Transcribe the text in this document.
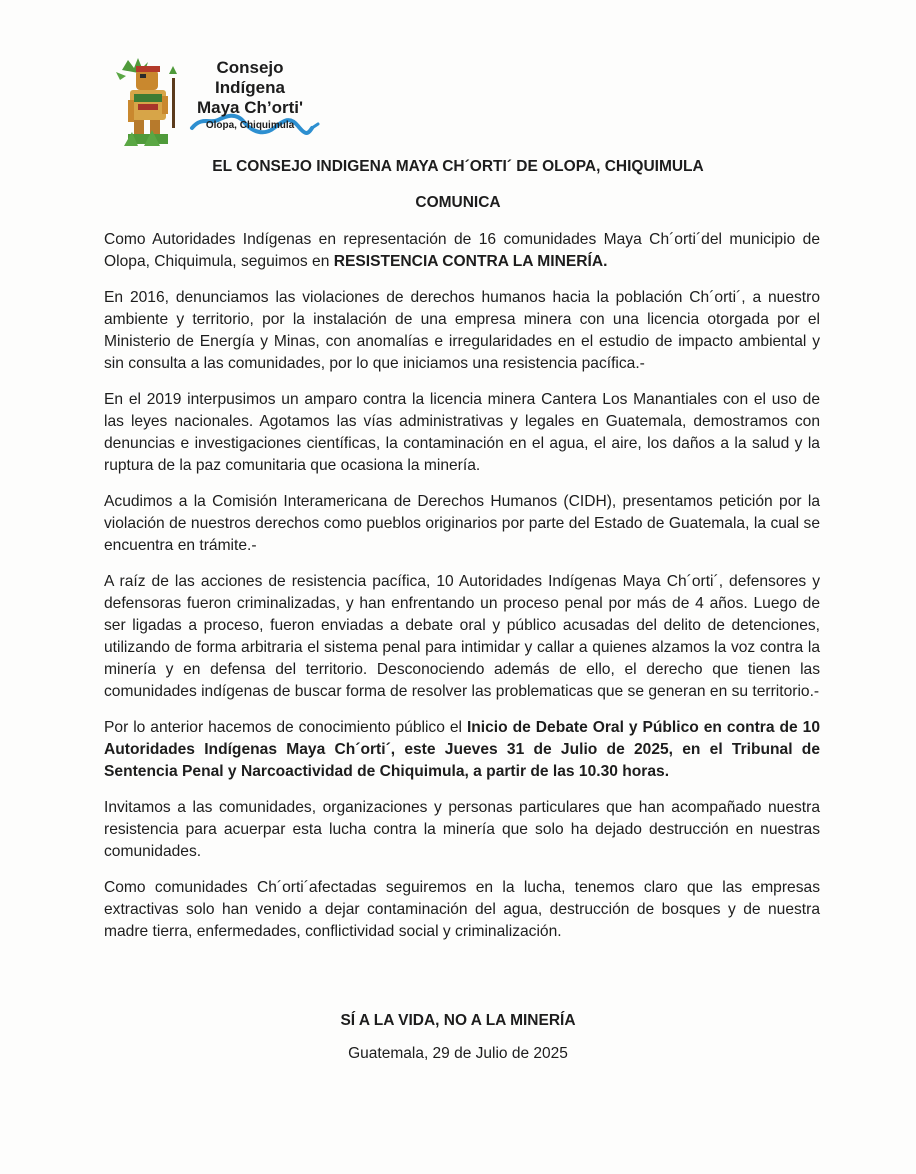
Consejo Indígena
Maya Ch’orti'
Olopa, Chiquimula
EL CONSEJO INDIGENA MAYA CH´ORTI´ DE OLOPA, CHIQUIMULA
COMUNICA

Como Autoridades Indígenas en representación de 16 comunidades Maya Ch´orti´del municipio de Olopa, Chiquimula, seguimos en RESISTENCIA CONTRA LA MINERÍA.

En 2016, denunciamos las violaciones de derechos humanos hacia la población Ch´orti´, a nuestro ambiente y territorio, por la instalación de una empresa minera con una licencia otorgada por el Ministerio de Energía y Minas, con anomalías e irregularidades en el estudio de impacto ambiental y sin consulta a las comunidades, por lo que iniciamos una resistencia pacífica.-

En el 2019 interpusimos un amparo contra la licencia minera Cantera Los Manantiales con el uso de las leyes nacionales. Agotamos las vías administrativas y legales en Guatemala, demostramos con denuncias e investigaciones científicas, la contaminación en el agua, el aire, los daños a la salud y la ruptura de la paz comunitaria que ocasiona la minería.

Acudimos a la Comisión Interamericana de Derechos Humanos (CIDH), presentamos petición por la violación de nuestros derechos como pueblos originarios por parte del Estado de Guatemala, la cual se encuentra en trámite.-

A raíz de las acciones de resistencia pacífica, 10 Autoridades Indígenas Maya Ch´orti´, defensores y defensoras fueron criminalizadas, y han enfrentando un proceso penal por más de 4 años. Luego de ser ligadas a proceso, fueron enviadas a debate oral y público acusadas del delito de detenciones, utilizando de forma arbitraria el sistema penal para intimidar y callar a quienes alzamos la voz contra la minería y en defensa del territorio. Desconociendo además de ello, el derecho que tienen las comunidades indígenas de buscar forma de resolver las problematicas que se generan en su territorio.-

Por lo anterior hacemos de conocimiento público el Inicio de Debate Oral y Público en contra de 10 Autoridades Indígenas Maya Ch´orti´, este Jueves 31 de Julio de 2025, en el Tribunal de Sentencia Penal y Narcoactividad de Chiquimula, a partir de las 10.30 horas.

Invitamos a las comunidades, organizaciones y personas particulares que han acompañado nuestra resistencia para acuerpar esta lucha contra la minería que solo ha dejado destrucción en nuestras comunidades.

Como comunidades Ch´orti´afectadas seguiremos en la lucha, tenemos claro que las empresas extractivas solo han venido a dejar contaminación del agua, destrucción de bosques y de nuestra madre tierra, enfermedades, conflictividad social y criminalización.

SÍ A LA VIDA, NO A LA MINERÍA

Guatemala, 29 de Julio de 2025
